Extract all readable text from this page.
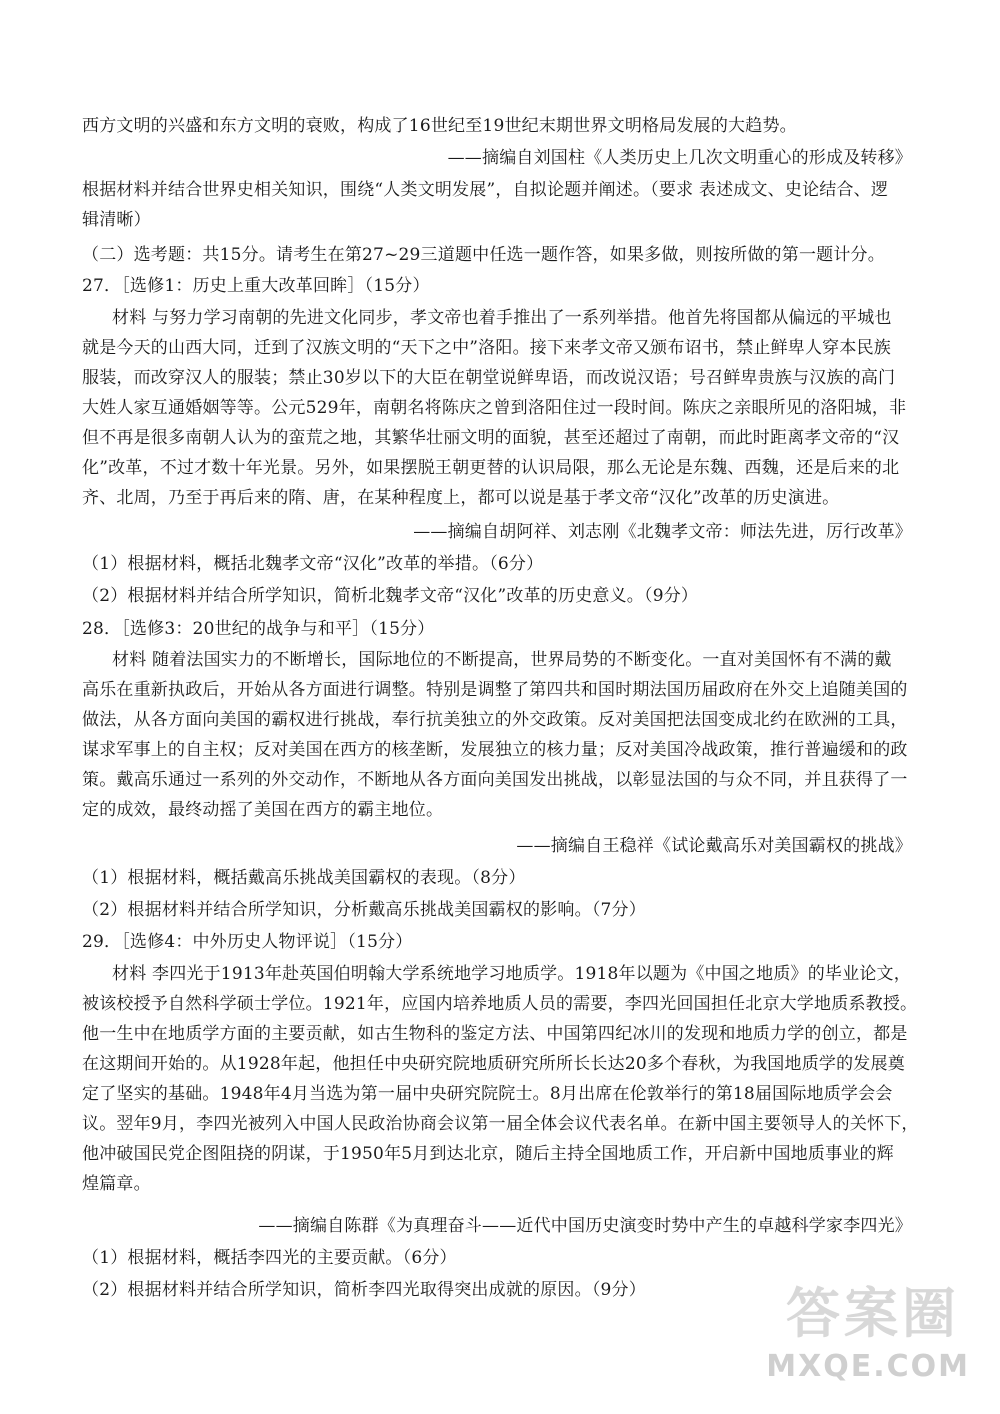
西方文明的兴盛和东方文明的衰败，构成了16世纪至19世纪末期世界文明格局发展的大趋势。
——摘编自刘国柱《人类历史上几次文明重心的形成及转移》
根据材料并结合世界史相关知识，围绕“人类文明发展”，自拟论题并阐述。（要求 表述成文、史论结合、逻
辑清晰）
（二）选考题：共15分。请考生在第27~29三道题中任选一题作答，如果多做，则按所做的第一题计分。
27．［选修1：历史上重大改革回眸］（15分）
材料 与努力学习南朝的先进文化同步，孝文帝也着手推出了一系列举措。他首先将国都从偏远的平城也
就是今天的山西大同，迁到了汉族文明的“天下之中”洛阳。接下来孝文帝又颁布诏书，禁止鲜卑人穿本民族
服装，而改穿汉人的服装；禁止30岁以下的大臣在朝堂说鲜卑语，而改说汉语；号召鲜卑贵族与汉族的高门
大姓人家互通婚姻等等。公元529年，南朝名将陈庆之曾到洛阳住过一段时间。陈庆之亲眼所见的洛阳城，非
但不再是很多南朝人认为的蛮荒之地，其繁华壮丽文明的面貌，甚至还超过了南朝，而此时距离孝文帝的“汉
化”改革，不过才数十年光景。另外，如果摆脱王朝更替的认识局限，那么无论是东魏、西魏，还是后来的北
齐、北周，乃至于再后来的隋、唐，在某种程度上，都可以说是基于孝文帝“汉化”改革的历史演进。
——摘编自胡阿祥、刘志刚《北魏孝文帝：师法先进，厉行改革》
（1）根据材料，概括北魏孝文帝“汉化”改革的举措。（6分）
（2）根据材料并结合所学知识，简析北魏孝文帝“汉化”改革的历史意义。（9分）
28．［选修3：20世纪的战争与和平］（15分）
材料 随着法国实力的不断增长，国际地位的不断提高，世界局势的不断变化。一直对美国怀有不满的戴
高乐在重新执政后，开始从各方面进行调整。特别是调整了第四共和国时期法国历届政府在外交上追随美国的
做法，从各方面向美国的霸权进行挑战，奉行抗美独立的外交政策。反对美国把法国变成北约在欧洲的工具，
谋求军事上的自主权；反对美国在西方的核垄断，发展独立的核力量；反对美国冷战政策，推行普遍缓和的政
策。戴高乐通过一系列的外交动作，不断地从各方面向美国发出挑战，以彰显法国的与众不同，并且获得了一
定的成效，最终动摇了美国在西方的霸主地位。
——摘编自王稳祥《试论戴高乐对美国霸权的挑战》
（1）根据材料，概括戴高乐挑战美国霸权的表现。（8分）
（2）根据材料并结合所学知识，分析戴高乐挑战美国霸权的影响。（7分）
29．［选修4：中外历史人物评说］（15分）
材料 李四光于1913年赴英国伯明翰大学系统地学习地质学。1918年以题为《中国之地质》的毕业论文，
被该校授予自然科学硕士学位。1921年，应国内培养地质人员的需要，李四光回国担任北京大学地质系教授。
他一生中在地质学方面的主要贡献，如古生物科的鉴定方法、中国第四纪冰川的发现和地质力学的创立，都是
在这期间开始的。从1928年起，他担任中央研究院地质研究所所长长达20多个春秋，为我国地质学的发展奠
定了坚实的基础。1948年4月当选为第一届中央研究院院士。8月出席在伦敦举行的第18届国际地质学会会
议。翌年9月，李四光被列入中国人民政治协商会议第一届全体会议代表名单。在新中国主要领导人的关怀下，
他冲破国民党企图阻挠的阴谋，于1950年5月到达北京，随后主持全国地质工作，开启新中国地质事业的辉
煌篇章。
——摘编自陈群《为真理奋斗——近代中国历史演变时势中产生的卓越科学家李四光》
（1）根据材料，概括李四光的主要贡献。（6分）
（2）根据材料并结合所学知识，简析李四光取得突出成就的原因。（9分）	答案圈
MXQE.COM
